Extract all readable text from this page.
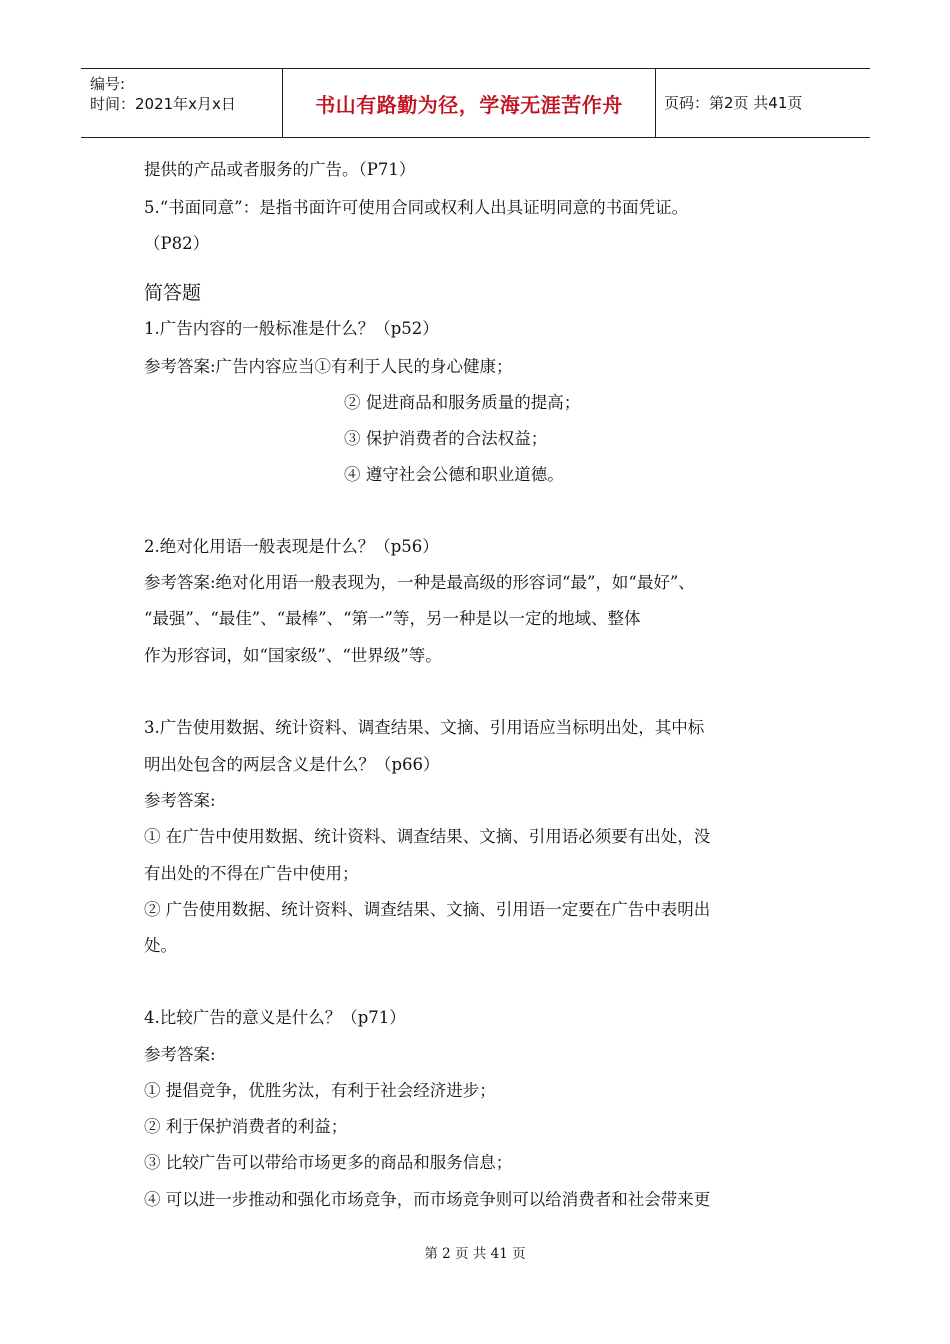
编号:
时间：2021年x月x日	书山有路勤为径，学海无涯苦作舟	页码：第2页 共41页
提供的产品或者服务的广告。（P71）
5.“书面同意”：是指书面许可使用合同或权利人出具证明同意的书面凭证。
（P82）
简答题
1.广告内容的一般标准是什么？（p52）
参考答案:广告内容应当①有利于人民的身心健康；
② 促进商品和服务质量的提高；
③ 保护消费者的合法权益；
④ 遵守社会公德和职业道德。
2.绝对化用语一般表现是什么？（p56）
参考答案:绝对化用语一般表现为，一种是最高级的形容词“最”，如“最好”、
“最强”、“最佳”、“最棒”、“第一”等，另一种是以一定的地域、整体
作为形容词，如“国家级”、“世界级”等。
3.广告使用数据、统计资料、调查结果、文摘、引用语应当标明出处，其中标
明出处包含的两层含义是什么？（p66）
参考答案:
① 在广告中使用数据、统计资料、调查结果、文摘、引用语必须要有出处，没
有出处的不得在广告中使用；
② 广告使用数据、统计资料、调查结果、文摘、引用语一定要在广告中表明出
处。
4.比较广告的意义是什么？（p71）
参考答案:
① 提倡竞争，优胜劣汰，有利于社会经济进步；
② 利于保护消费者的利益；
③ 比较广告可以带给市场更多的商品和服务信息；
④ 可以进一步推动和强化市场竞争，而市场竞争则可以给消费者和社会带来更
第 2 页 共 41 页
